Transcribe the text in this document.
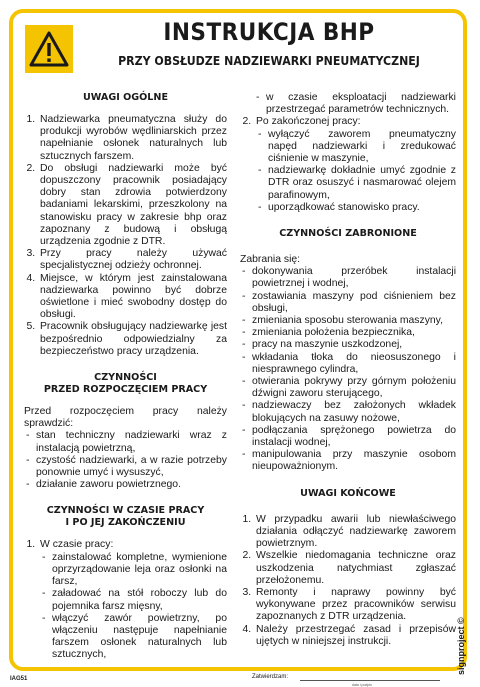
INSTRUKCJA BHP
PRZY OBSŁUDZE NADZIEWARKI PNEUMATYCZNEJ
UWAGI OGÓLNE
1. Nadziewarka pneumatyczna służy do produkcji wyrobów wędliniarskich przez napełnianie osłonek naturalnych lub sztucznych farszem.
2. Do obsługi nadziewarki może być dopuszczony pracownik posiadający dobry stan zdrowia potwierdzony badaniami lekarskimi, przeszkolony na stanowisku pracy w zakresie bhp oraz zapoznany z budową i obsługą urządzenia zgodnie z DTR.
3. Przy pracy należy używać specjalistycznej odzieży ochronnej.
4. Miejsce, w którym jest zainstalowana nadziewarka powinno być dobrze oświetlone i mieć swobodny dostęp do obsługi.
5. Pracownik obsługujący nadziewarkę jest bezpośrednio odpowiedzialny za bezpieczeństwo pracy urządzenia.
CZYNNOŚCI
PRZED ROZPOCZĘCIEM PRACY

Przed rozpoczęciem pracy należy sprawdzić:

- stan techniczny nadziewarki wraz z instalacją powietrzną,
- czystość nadziewarki, a w razie potrzeby ponownie umyć i wysuszyć,
- działanie zaworu powietrznego.
CZYNNOŚCI W CZASIE PRACY
I PO JEJ ZAKOŃCZENIU
1. W czasie pracy:
- zainstalować kompletne, wymienione oprzyrządowanie leja oraz osłonki na farsz,
- załadować na stół roboczy lub do pojemnika farsz mięsny,
- włączyć zawór powietrzny, po włączeniu następuje napełnianie farszem osłonek naturalnych lub sztucznych,
- w czasie eksploatacji nadziewarki przestrzegać parametrów technicznych.
2. Po zakończonej pracy:
- wyłączyć zaworem pneumatyczny napęd nadziewarki i zredukować ciśnienie w maszynie,
- nadziewarkę dokładnie umyć zgodnie z DTR oraz osuszyć i nasmarować olejem parafinowym,
- uporządkować stanowisko pracy.
CZYNNOŚCI ZABRONIONE

Zabrania się:

- dokonywania przeróbek instalacji powietrznej i wodnej,
- zostawiania maszyny pod ciśnieniem bez obsługi,
- zmieniania sposobu sterowania maszyny,
- zmieniania położenia bezpiecznika,
- pracy na maszynie uszkodzonej,
- wkładania tłoka do nieosuszonego i niesprawnego cylindra,
- otwierania pokrywy przy górnym położeniu dźwigni zaworu sterującego,
- nadziewaczy bez założonych wkładek blokujących na zasuwy nożowe,
- podłączania sprężonego powietrza do instalacji wodnej,
- manipulowania przy maszynie osobom nieupoważnionym.
UWAGI KOŃCOWE
1. W przypadku awarii lub niewłaściwego działania odłączyć nadziewarkę zaworem powietrznym.
2. Wszelkie niedomagania techniczne oraz uszkodzenia natychmiast zgłaszać przełożonemu.
3. Remonty i naprawy powinny być wykonywane przez pracowników serwisu zapoznanych z DTR urządzenia.
4. Należy przestrzegać zasad i przepisów ujętych w niniejszej instrukcji.
Zatwierdzam:
data i podpis
IAG51
signproject ©
